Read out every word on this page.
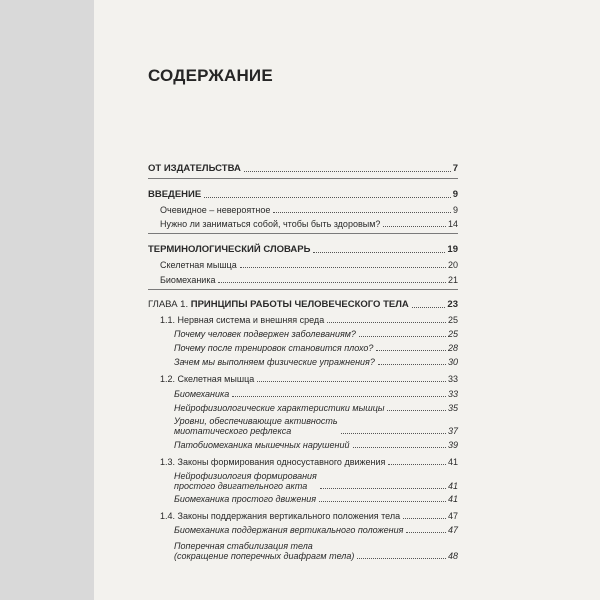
СОДЕРЖАНИЕ
ОТ ИЗДАТЕЛЬСТВА	7
ВВЕДЕНИЕ	9
Очевидное – невероятное	9
Нужно ли заниматься собой, чтобы быть здоровым?	14
ТЕРМИНОЛОГИЧЕСКИЙ СЛОВАРЬ	19
Скелетная мышца	20
Биомеханика	21
ГЛАВА 1. ПРИНЦИПЫ РАБОТЫ ЧЕЛОВЕЧЕСКОГО ТЕЛА	23
1.1. Нервная система и внешняя среда	25
Почему человек подвержен заболеваниям?	25
Почему после тренировок становится плохо?	28
Зачем мы выполняем физические упражнения?	30
1.2. Скелетная мышца	33
Биомеханика	33
Нейрофизиологические характеристики мышцы	35
Уровни, обеспечивающие активность
миотатического рефлекса	37
Патобиомеханика мышечных нарушений	39
1.3. Законы формирования односуставного движения	41
Нейрофизиология формирования
простого двигательного акта	41
Биомеханика простого движения	41
1.4. Законы поддержания вертикального положения тела	47
Биомеханика поддержания вертикального положения	47
Поперечная стабилизация тела
(сокращение поперечных диафрагм тела)	48
